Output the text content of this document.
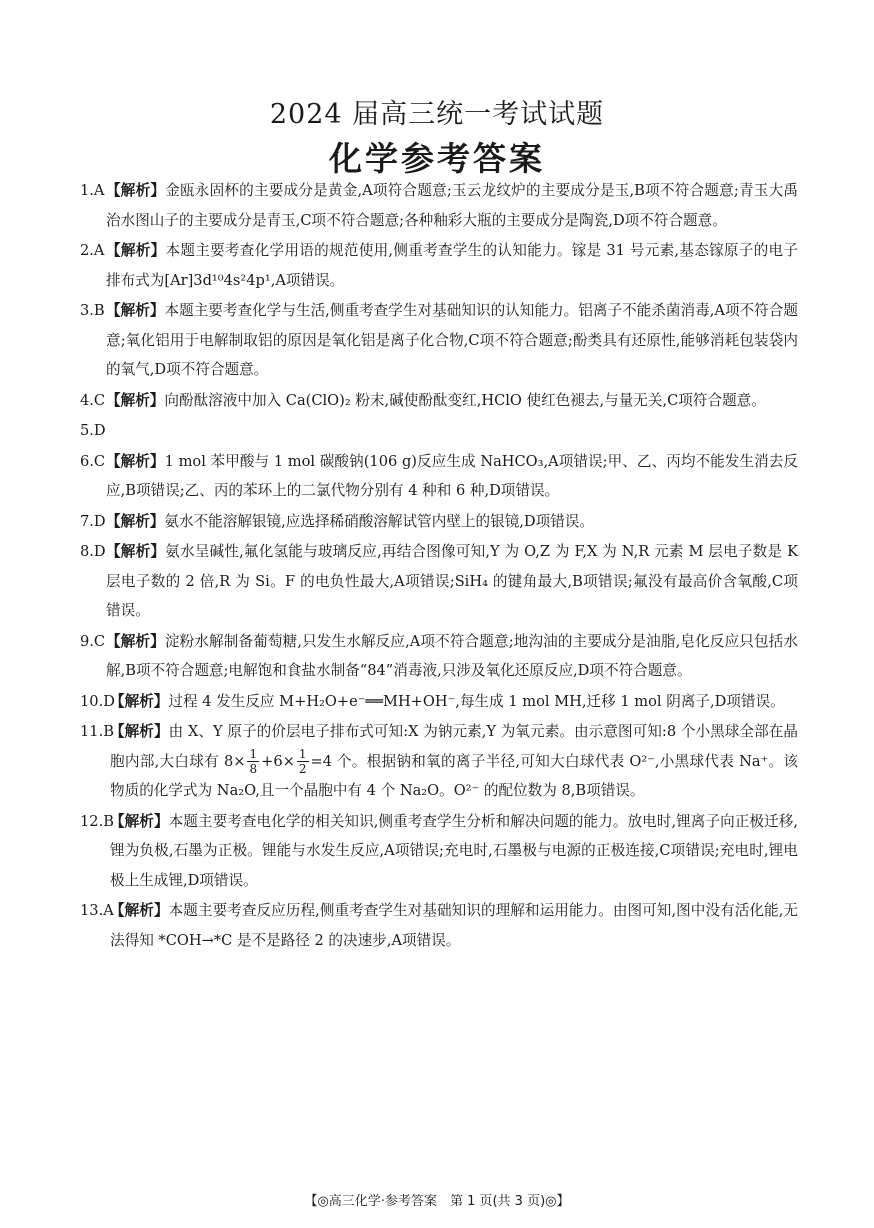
2024 届高三统一考试试题
化学参考答案
1.A 【解析】金瓯永固杯的主要成分是黄金,A项符合题意;玉云龙纹炉的主要成分是玉,B项不符合题意;青玉大禹治水图山子的主要成分是青玉,C项不符合题意;各种釉彩大瓶的主要成分是陶瓷,D项不符合题意。
2.A 【解析】本题主要考查化学用语的规范使用,侧重考查学生的认知能力。镓是 31 号元素,基态镓原子的电子排布式为[Ar]3d¹⁰4s²4p¹,A项错误。
3.B 【解析】本题主要考查化学与生活,侧重考查学生对基础知识的认知能力。铝离子不能杀菌消毒,A项不符合题意;氧化铝用于电解制取铝的原因是氧化铝是离子化合物,C项不符合题意;酚类具有还原性,能够消耗包装袋内的氧气,D项不符合题意。
4.C 【解析】向酚酞溶液中加入 Ca(ClO)₂ 粉末,碱使酚酞变红,HClO 使红色褪去,与量无关,C项符合题意。
5.D
6.C 【解析】1 mol 苯甲酸与 1 mol 碳酸钠(106 g)反应生成 NaHCO₃,A项错误;甲、乙、丙均不能发生消去反应,B项错误;乙、丙的苯环上的二氯代物分别有 4 种和 6 种,D项错误。
7.D 【解析】氨水不能溶解银镜,应选择稀硝酸溶解试管内壁上的银镜,D项错误。
8.D 【解析】氨水呈碱性,氟化氢能与玻璃反应,再结合图像可知,Y 为 O,Z 为 F,X 为 N,R 元素 M 层电子数是 K 层电子数的 2 倍,R 为 Si。F 的电负性最大,A项错误;SiH₄ 的键角最大,B项错误;氟没有最高价含氧酸,C项错误。
9.C 【解析】淀粉水解制备葡萄糖,只发生水解反应,A项不符合题意;地沟油的主要成分是油脂,皂化反应只包括水解,B项不符合题意;电解饱和食盐水制备“84”消毒液,只涉及氧化还原反应,D项不符合题意。
10.D
【解析】过程 4 发生反应 M+H₂O+e⁻══MH+OH⁻,每生成 1 mol MH,迁移 1 mol 阴离子,D项错误。
11.B
【解析】由 X、Y 原子的价层电子排布式可知:X 为钠元素,Y 为氧元素。由示意图可知:8 个小黑球全部在晶胞内部,大白球有 $8\times \frac{1}{8} +6\times \frac{1}{2} =4$ 个。根据钠和氧的离子半径,可知大白球代表 O²⁻,小黑球代表 Na⁺。该物质的化学式为 Na₂O,且一个晶胞中有 4 个 Na₂O。O²⁻ 的配位数为 8,B项错误。
12.B
【解析】本题主要考查电化学的相关知识,侧重考查学生分析和解决问题的能力。放电时,锂离子向正极迁移,锂为负极,石墨为正极。锂能与水发生反应,A项错误;充电时,石墨极与电源的正极连接,C项错误;充电时,锂电极上生成锂,D项错误。
13.A
【解析】本题主要考查反应历程,侧重考查学生对基础知识的理解和运用能力。由图可知,图中没有活化能,无法得知 *COH→*C 是不是路径 2 的决速步,A项错误。
【◎高三化学·参考答案　第 1 页(共 3 页)◎】
